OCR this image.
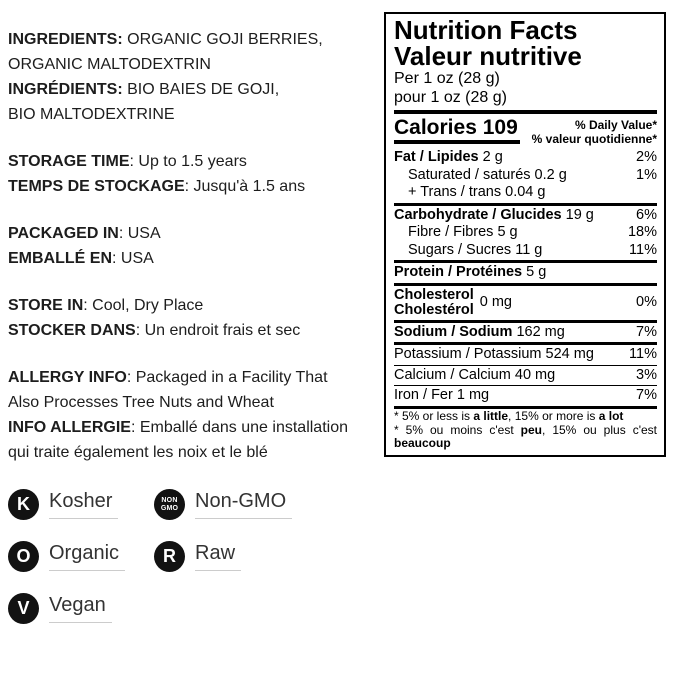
INGREDIENTS: ORGANIC GOJI BERRIES,
ORGANIC MALTODEXTRIN
INGRÉDIENTS: BIO BAIES DE GOJI,
BIO MALTODEXTRINE
STORAGE TIME: Up to 1.5 years
TEMPS DE STOCKAGE: Jusqu'à 1.5 ans
PACKAGED IN: USA
EMBALLÉ EN: USA
STORE IN: Cool, Dry Place
STOCKER DANS: Un endroit frais et sec
ALLERGY INFO: Packaged in a Facility That
Also Processes Tree Nuts and Wheat
INFO ALLERGIE: Emballé dans une installation
qui traite également les noix et le blé
K Kosher	NON
GMO Non-GMO
O Organic	R Raw
V Vegan
Nutrition Facts
Valeur nutritive
Per 1 oz (28 g)
pour 1 oz (28 g)
Calories 109	% Daily Value*
% valeur quotidienne*
Fat / Lipides 2 g	2%
Saturated / saturés 0.2 g	1%
+ Trans / trans 0.04 g
Carbohydrate / Glucides 19 g	6%
Fibre / Fibres 5 g	18%
Sugars / Sucres 11 g	11%
Protein / Protéines 5 g
Cholesterol
Cholestérol 0 mg	0%
Sodium / Sodium 162 mg	7%
Potassium / Potassium 524 mg 11%
Calcium / Calcium 40 mg	3%
Iron / Fer 1 mg	7%
* 5% or less is a little, 15% or more is a lot
* 5% ou moins c'est peu, 15% ou plus c'est beaucoup
